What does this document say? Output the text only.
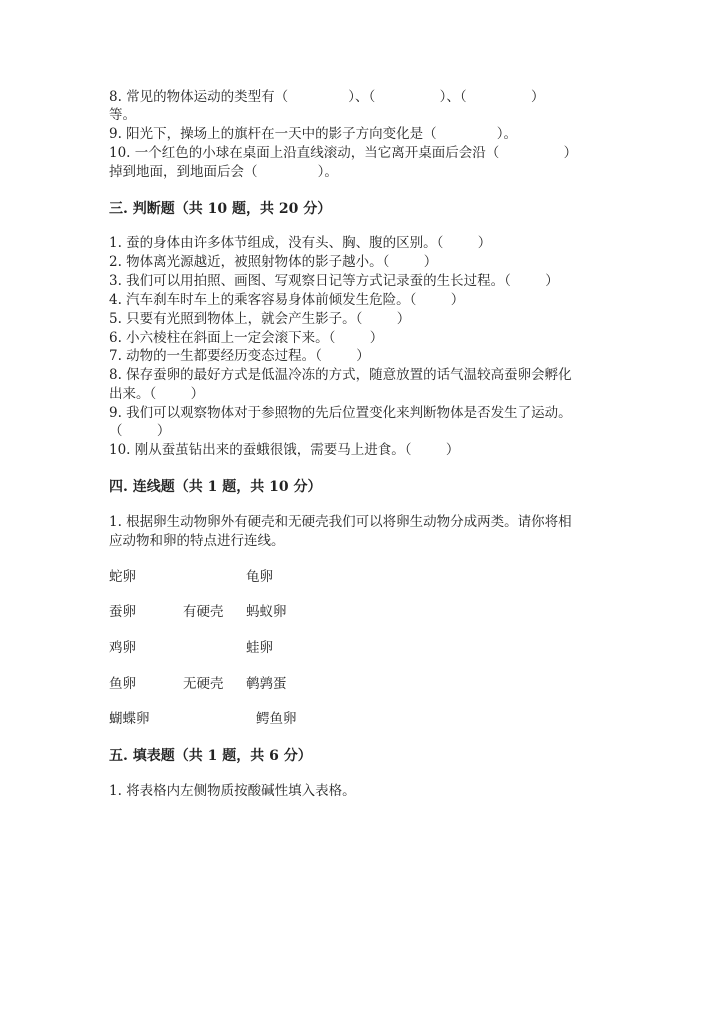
8. 常见的物体运动的类型有（              ）、（               ）、（               ）
等。
9. 阳光下，操场上的旗杆在一天中的影子方向变化是（              ）。
10. 一个红色的小球在桌面上沿直线滚动，当它离开桌面后会沿（               ）
掉到地面，到地面后会（              ）。
三. 判断题（共 10 题，共 20 分）
1. 蚕的身体由许多体节组成，没有头、胸、腹的区别。（        ）
2. 物体离光源越近，被照射物体的影子越小。（        ）
3. 我们可以用拍照、画图、写观察日记等方式记录蚕的生长过程。（        ）
4. 汽车刹车时车上的乘客容易身体前倾发生危险。（        ）
5. 只要有光照到物体上，就会产生影子。（        ）
6. 小六棱柱在斜面上一定会滚下来。（        ）
7. 动物的一生都要经历变态过程。（        ）
8. 保存蚕卵的最好方式是低温冷冻的方式，随意放置的话气温较高蚕卵会孵化
出来。（        ）
9. 我们可以观察物体对于参照物的先后位置变化来判断物体是否发生了运动。
（        ）
10. 刚从蚕茧钻出来的蚕蛾很饿，需要马上进食。（        ）
四. 连线题（共 1 题，共 10 分）
1. 根据卵生动物卵外有硬壳和无硬壳我们可以将卵生动物分成两类。请你将相
应动物和卵的特点进行连线。
蛇卵	龟卵
蚕卵	有硬壳 蚂蚁卵
鸡卵	蛙卵
鱼卵	无硬壳 鹌鹑蛋
蝴蝶卵	鳄鱼卵
五. 填表题（共 1 题，共 6 分）
1. 将表格内左侧物质按酸碱性填入表格。
